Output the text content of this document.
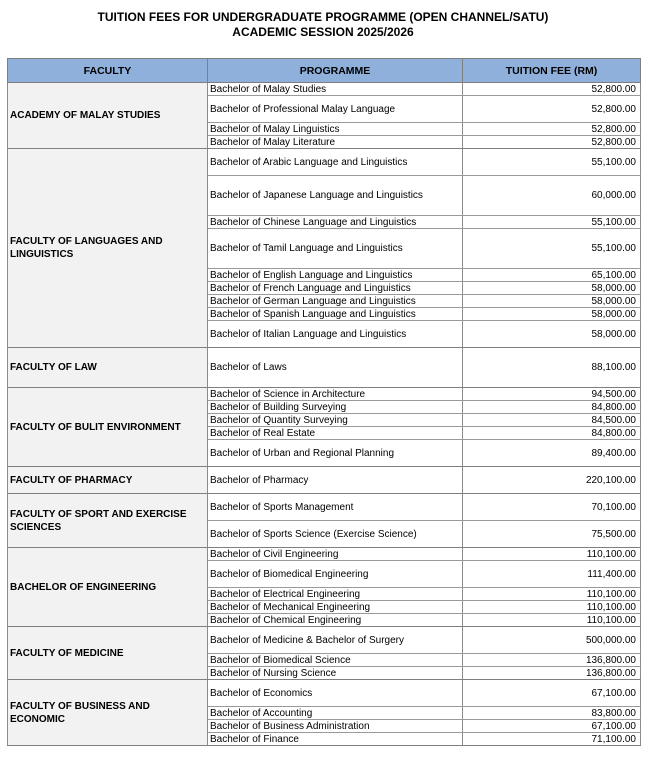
TUITION FEES FOR UNDERGRADUATE PROGRAMME (OPEN CHANNEL/SATU)
ACADEMIC SESSION 2025/2026
FACULTY	PROGRAMME	TUITION FEE (RM)
ACADEMY OF MALAY STUDIES	Bachelor of Malay Studies	52,800.00
	Bachelor of Professional Malay Language	52,800.00
	Bachelor of Malay Linguistics	52,800.00
	Bachelor of Malay Literature	52,800.00
FACULTY OF LANGUAGES AND LINGUISTICS	Bachelor of Arabic Language and Linguistics	55,100.00
	Bachelor of Japanese Language and Linguistics	60,000.00
	Bachelor of Chinese Language and Linguistics	55,100.00
	Bachelor of Tamil Language and Linguistics	55,100.00
	Bachelor of English Language and Linguistics	65,100.00
	Bachelor of French Language and Linguistics	58,000.00
	Bachelor of German Language and Linguistics	58,000.00
	Bachelor of Spanish Language and Linguistics	58,000.00
	Bachelor of Italian Language and Linguistics	58,000.00
FACULTY OF LAW	Bachelor of Laws	88,100.00
FACULTY OF BULIT ENVIRONMENT	Bachelor of Science in Architecture	94,500.00
	Bachelor of Building Surveying	84,800.00
	Bachelor of Quantity Surveying	84,500.00
	Bachelor of Real Estate	84,800.00
	Bachelor of Urban and Regional Planning	89,400.00
FACULTY OF PHARMACY	Bachelor of Pharmacy	220,100.00
FACULTY OF SPORT AND EXERCISE SCIENCES	Bachelor of Sports Management	70,100.00
	Bachelor of Sports Science (Exercise Science)	75,500.00
BACHELOR OF ENGINEERING	Bachelor of Civil Engineering	110,100.00
	Bachelor of Biomedical Engineering	111,400.00
	Bachelor of Electrical Engineering	110,100.00
	Bachelor of Mechanical Engineering	110,100.00
	Bachelor of Chemical Engineering	110,100.00
FACULTY OF MEDICINE	Bachelor of Medicine & Bachelor of Surgery	500,000.00
	Bachelor of Biomedical Science	136,800.00
	Bachelor of Nursing Science	136,800.00
FACULTY OF BUSINESS AND ECONOMIC	Bachelor of Economics	67,100.00
	Bachelor of Accounting	83,800.00
	Bachelor of Business Administration	67,100.00
	Bachelor of Finance	71,100.00
